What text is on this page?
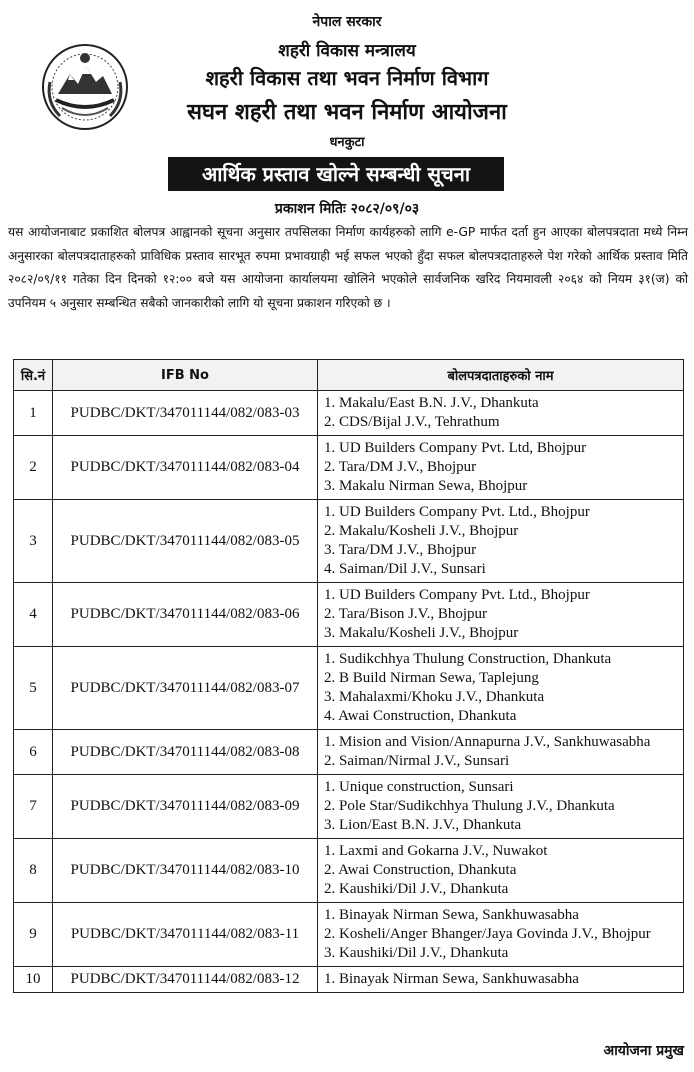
नेपाल सरकार
शहरी विकास मन्त्रालय
शहरी विकास तथा भवन निर्माण विभाग
सघन शहरी तथा भवन निर्माण आयोजना
धनकुटा
आर्थिक प्रस्ताव खोल्ने सम्बन्धी सूचना
प्रकाशन मितिः २०८२/०९/०३

यस आयोजनाबाट प्रकाशित बोलपत्र आह्वानको सूचना अनुसार तपसिलका निर्माण कार्यहरुको लागि e-GP मार्फत दर्ता हुन आएका बोलपत्रदाता मध्ये निम्न अनुसारका बोलपत्रदाताहरुको प्राविधिक प्रस्ताव सारभूत रुपमा प्रभावग्राही भई सफल भएको हुँदा सफल बोलपत्रदाताहरुले पेश गरेको आर्थिक प्रस्ताव मिति २०८२/०९/११ गतेका दिन दिनको १२:०० बजे यस आयोजना कार्यालयमा खोलिने भएकोले सार्वजनिक खरिद नियमावली २०६४ को नियम ३१(ज) को उपनियम ५ अनुसार सम्बन्धित सबैको जानकारीको लागि यो सूचना प्रकाशन गरिएको छ ।

सि.नं	IFB No	बोलपत्रदाताहरुको नाम
1	PUDBC/DKT/347011144/082/083-03	1. Makalu/East B.N. J.V., Dhankuta
2. CDS/Bijal J.V., Tehrathum

2	PUDBC/DKT/347011144/082/083-04	1. UD Builders Company Pvt. Ltd, Bhojpur
2. Tara/DM J.V., Bhojpur
3. Makalu Nirman Sewa, Bhojpur

3	PUDBC/DKT/347011144/082/083-05	1. UD Builders Company Pvt. Ltd., Bhojpur
2. Makalu/Kosheli J.V., Bhojpur
3. Tara/DM J.V., Bhojpur
4. Saiman/Dil J.V., Sunsari

4	PUDBC/DKT/347011144/082/083-06	1. UD Builders Company Pvt. Ltd., Bhojpur
2. Tara/Bison J.V., Bhojpur
3. Makalu/Kosheli J.V., Bhojpur

5	PUDBC/DKT/347011144/082/083-07	1. Sudikchhya Thulung Construction, Dhankuta
2. B Build Nirman Sewa, Taplejung
3. Mahalaxmi/Khoku J.V., Dhankuta
4. Awai Construction, Dhankuta

6	PUDBC/DKT/347011144/082/083-08	1. Mision and Vision/Annapurna J.V., Sankhuwasabha
2. Saiman/Nirmal J.V., Sunsari

7	PUDBC/DKT/347011144/082/083-09	1. Unique construction, Sunsari
2. Pole Star/Sudikchhya Thulung J.V., Dhankuta
3. Lion/East B.N. J.V., Dhankuta

8	PUDBC/DKT/347011144/082/083-10	1. Laxmi and Gokarna J.V., Nuwakot
2. Awai Construction, Dhankuta
2. Kaushiki/Dil J.V., Dhankuta

9	PUDBC/DKT/347011144/082/083-11	1. Binayak Nirman Sewa, Sankhuwasabha
2. Kosheli/Anger Bhanger/Jaya Govinda J.V., Bhojpur
3. Kaushiki/Dil J.V., Dhankuta

10	PUDBC/DKT/347011144/082/083-12	1. Binayak Nirman Sewa, Sankhuwasabha
आयोजना प्रमुख
